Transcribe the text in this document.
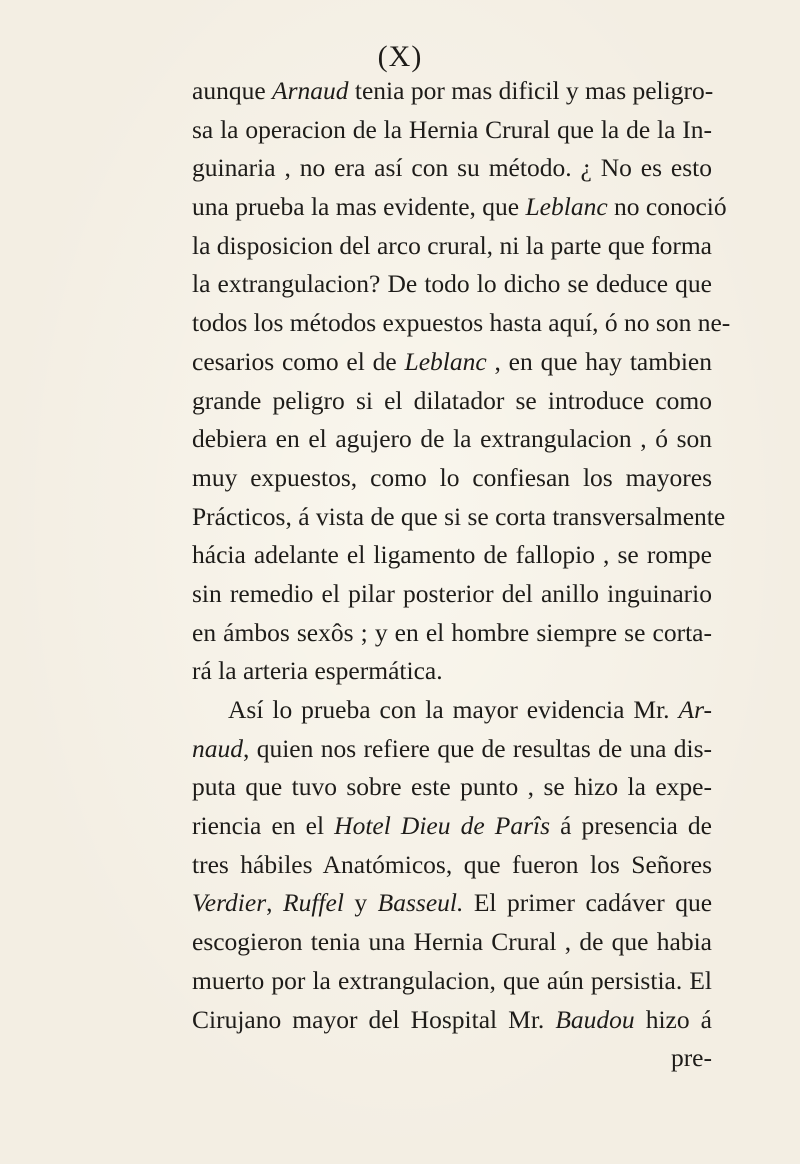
(X)
aunque Arnaud tenia por mas dificil y mas peligro-
sa la operacion de la Hernia Crural que la de la In-
guinaria , no era así con su método. ¿ No es esto
una prueba la mas evidente, que Leblanc no conoció
la disposicion del arco crural, ni la parte que forma
la extrangulacion? De todo lo dicho se deduce que
todos los métodos expuestos hasta aquí, ó no son ne-
cesarios como el de Leblanc , en que hay tambien
grande peligro si el dilatador se introduce como
debiera en el agujero de la extrangulacion , ó son
muy expuestos, como lo confiesan los mayores
Prácticos, á vista de que si se corta transversalmente
hácia adelante el ligamento de fallopio , se rompe
sin remedio el pilar posterior del anillo inguinario
en ámbos sexôs ; y en el hombre siempre se corta-
rá la arteria espermática.
Así lo prueba con la mayor evidencia Mr. Ar-
naud, quien nos refiere que de resultas de una dis-
puta que tuvo sobre este punto , se hizo la expe-
riencia en el Hotel Dieu de Parîs á presencia de
tres hábiles Anatómicos, que fueron los Señores
Verdier, Ruffel y Basseul. El primer cadáver que
escogieron tenia una Hernia Crural , de que habia
muerto por la extrangulacion, que aún persistia. El
Cirujano mayor del Hospital Mr. Baudou hizo á
pre-
